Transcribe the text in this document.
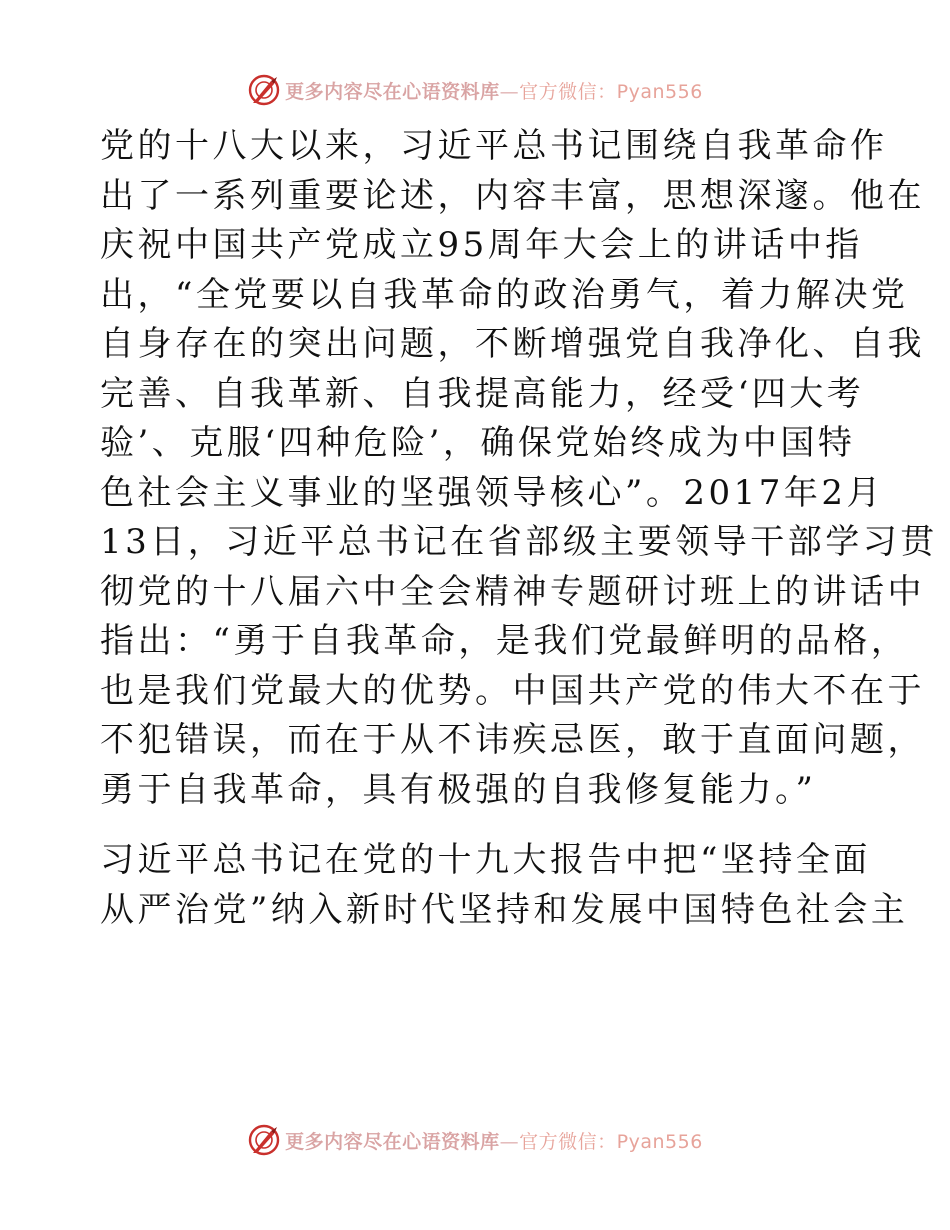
更多内容尽在心语资料库—官方微信：Pyan556
党的十八大以来，习近平总书记围绕自我革命作
出了一系列重要论述，内容丰富，思想深邃。他在
庆祝中国共产党成立95周年大会上的讲话中指
出，“全党要以自我革命的政治勇气，着力解决党
自身存在的突出问题，不断增强党自我净化、自我
完善、自我革新、自我提高能力，经受‘四大考
验’、克服‘四种危险’，确保党始终成为中国特
色社会主义事业的坚强领导核心”。2017年2月
13日，习近平总书记在省部级主要领导干部学习贯
彻党的十八届六中全会精神专题研讨班上的讲话中
指出：“勇于自我革命，是我们党最鲜明的品格，
也是我们党最大的优势。中国共产党的伟大不在于
不犯错误，而在于从不讳疾忌医，敢于直面问题，
勇于自我革命，具有极强的自我修复能力。”
习近平总书记在党的十九大报告中把“坚持全面
从严治党”纳入新时代坚持和发展中国特色社会主
更多内容尽在心语资料库—官方微信：Pyan556
